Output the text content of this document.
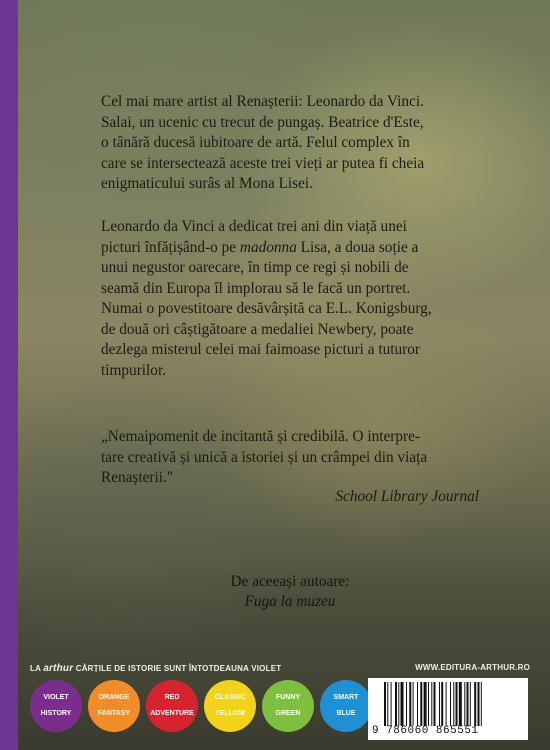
Cel mai mare artist al Renașterii: Leonardo da Vinci.
Salai, un ucenic cu trecut de pungaș. Beatrice d'Este,
o tânără ducesă iubitoare de artă. Felul complex în
care se intersectează aceste trei vieți ar putea fi cheia
enigmaticului surâs al Mona Lisei.

Leonardo da Vinci a dedicat trei ani din viață unei
picturi înfățișând-o pe madonna Lisa, a doua soție a
unui negustor oarecare, în timp ce regi și nobili de
seamă din Europa îl implorau să le facă un portret.
Numai o povestitoare desăvârșită ca E.L. Konigsburg,
de două ori câștigătoare a medaliei Newbery, poate
dezlega misterul celei mai faimoase picturi a tuturor
timpurilor.

„Nemaipomenit de incitantă și credibilă. O interpre-
tare creativă și unică a istoriei și un crâmpei din viața
Renașterii."

School Library Journal
De aceeași autoare:
Fuga la muzeu
LA arthur CĂRȚILE DE ISTORIE SUNT ÎNTOTDEAUNA VIOLET	WWW.EDITURA-ARTHUR.RO
VIOLET

HISTORY
ORANGE

FANTASY
RED

ADVENTURE
CLASSIC

YELLOW
FUNNY

GREEN
SMART

BLUE
9 786060 865551
